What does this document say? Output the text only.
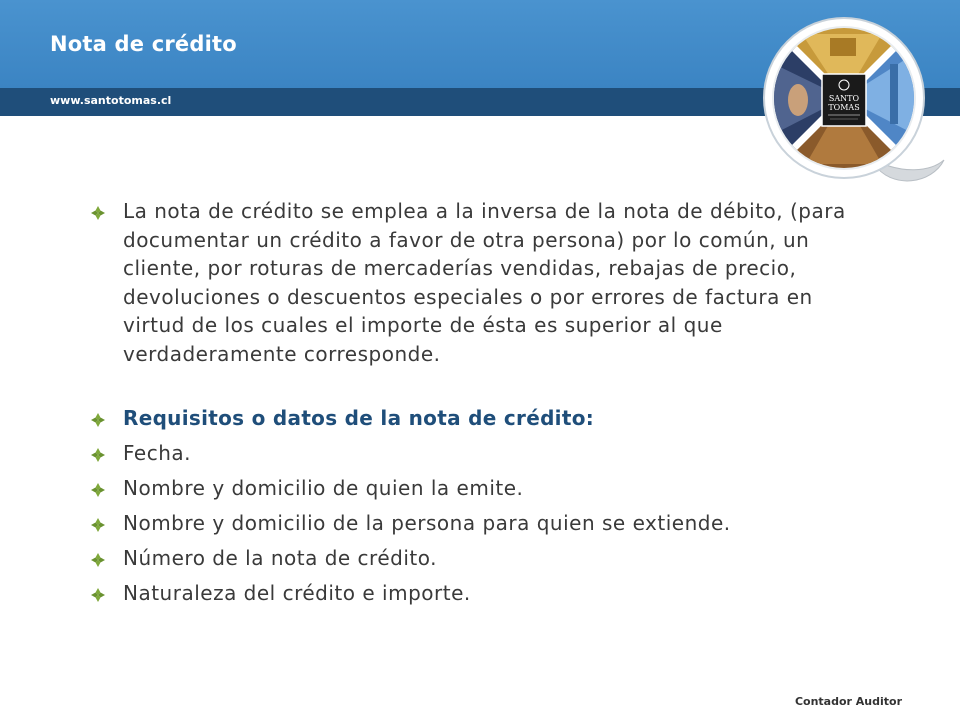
Nota de crédito
www.santotomas.cl	SANTO
TOMAS
La nota de crédito se emplea a la inversa de la nota de débito, (para documentar un crédito a favor de otra persona) por lo común, un cliente, por roturas de mercaderías vendidas, rebajas de precio, devoluciones o descuentos especiales o por errores de factura en virtud de los cuales el importe de ésta es superior al que verdaderamente corresponde.
Requisitos o datos de la nota de crédito:
Fecha.
Nombre y domicilio de quien la emite.
Nombre y domicilio de la persona para quien se extiende.
Número de la nota de crédito.
Naturaleza del crédito e importe.
Contador Auditor
